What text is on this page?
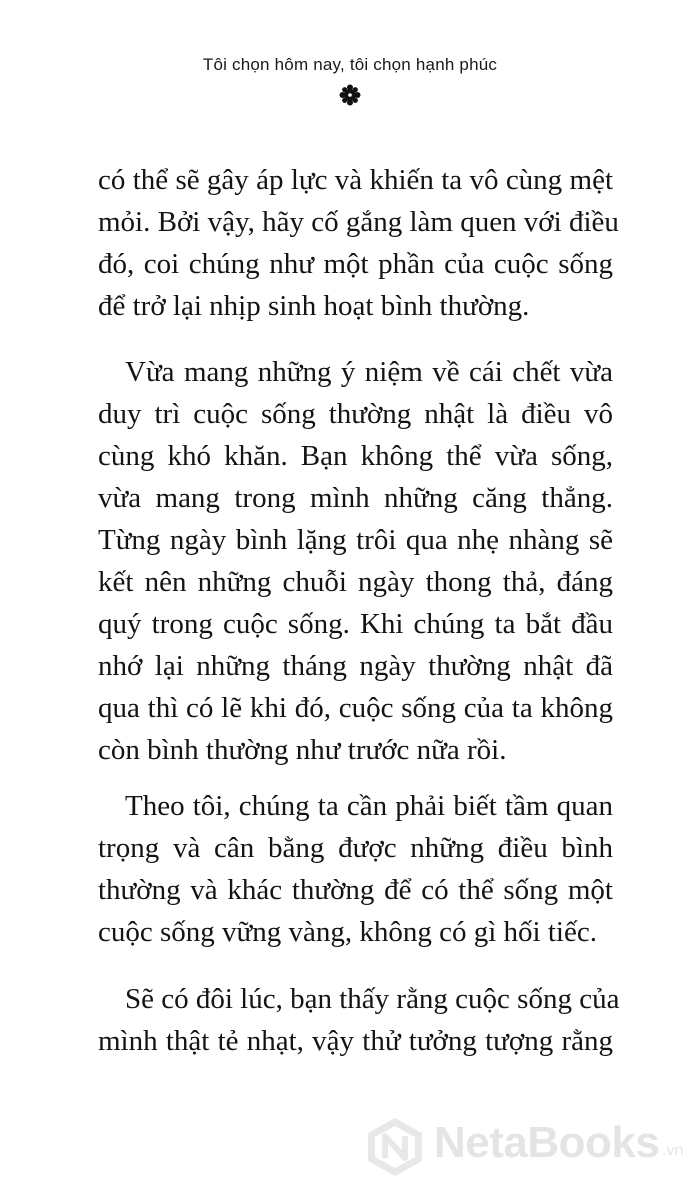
Tôi chọn hôm nay, tôi chọn hạnh phúc
có thể sẽ gây áp lực và khiến ta vô cùng mệt
mỏi. Bởi vậy, hãy cố gắng làm quen với điều
đó, coi chúng như một phần của cuộc sống
để trở lại nhịp sinh hoạt bình thường.
Vừa mang những ý niệm về cái chết vừa
duy trì cuộc sống thường nhật là điều vô
cùng khó khăn. Bạn không thể vừa sống,
vừa mang trong mình những căng thẳng.
Từng ngày bình lặng trôi qua nhẹ nhàng sẽ
kết nên những chuỗi ngày thong thả, đáng
quý trong cuộc sống. Khi chúng ta bắt đầu
nhớ lại những tháng ngày thường nhật đã
qua thì có lẽ khi đó, cuộc sống của ta không
còn bình thường như trước nữa rồi.
Theo tôi, chúng ta cần phải biết tầm quan
trọng và cân bằng được những điều bình
thường và khác thường để có thể sống một
cuộc sống vững vàng, không có gì hối tiếc.
Sẽ có đôi lúc, bạn thấy rằng cuộc sống của
mình thật tẻ nhạt, vậy thử tưởng tượng rằng
NetaBooks .vn
